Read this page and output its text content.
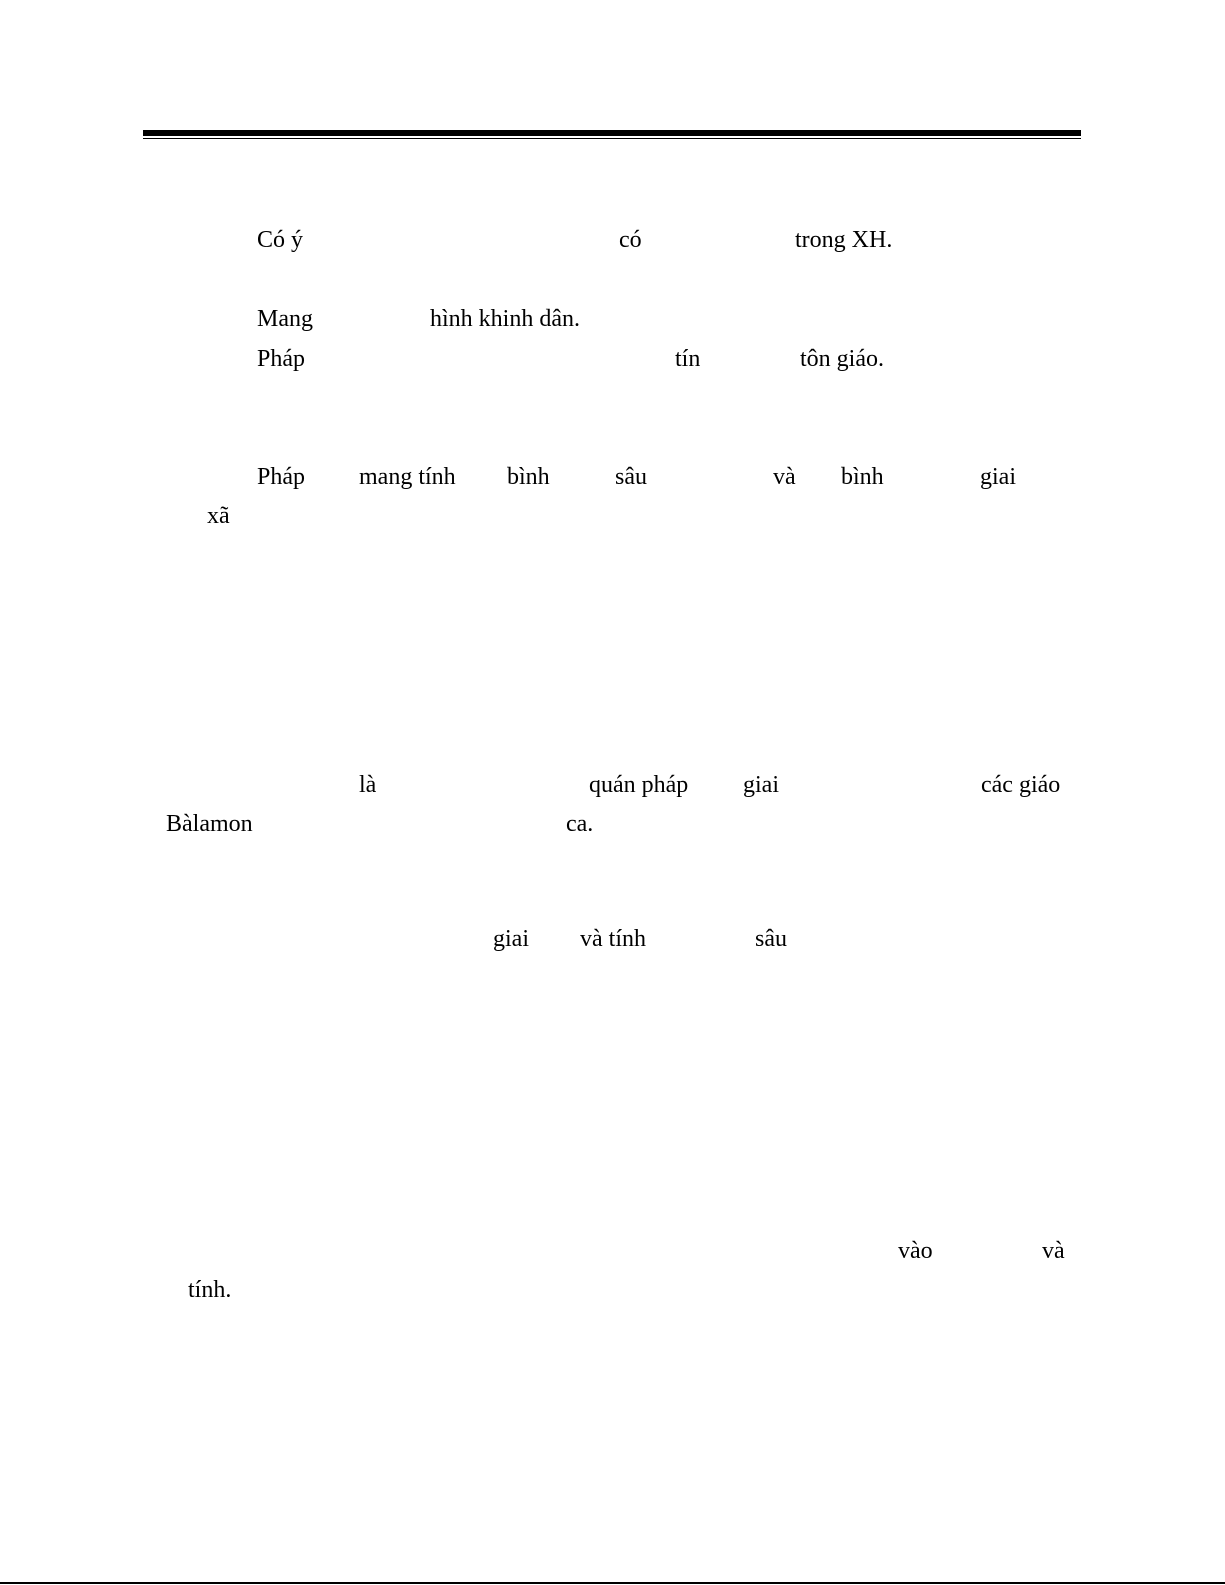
Có ý	có	trong XH.
Mang	hình khinh dân.
Pháp	tín	tôn giáo.
Pháp mang tính bình	sâu	và bình	giai
xã
là	quán pháp giai	các giáo
Bàlamon	ca.
giai và tính	sâu
vào	và
tính.
